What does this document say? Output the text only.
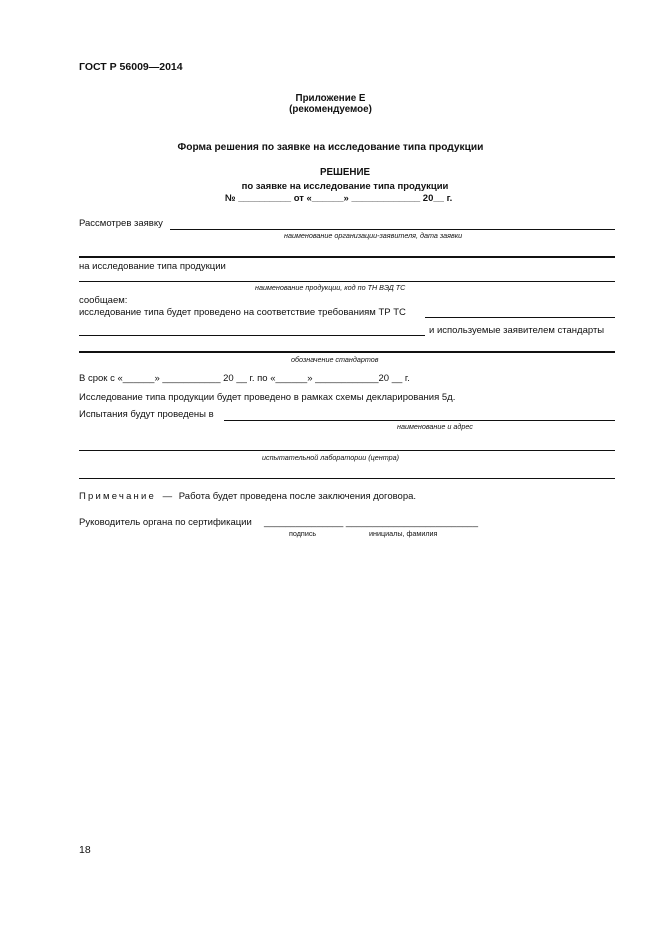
ГОСТ Р 56009—2014
Приложение Е
(рекомендуемое)
Форма решения по заявке на исследование типа продукции
РЕШЕНИЕ
по заявке на исследование типа продукции
№ __________ от «______» _____________ 20__ г.
Рассмотрев заявку
наименование организации-заявителя, дата заявки
на исследование типа продукции
наименование продукции, код по ТН ВЭД ТС
сообщаем:
исследование типа будет проведено на соответствие требованиям ТР ТС
и используемые заявителем стандарты
обозначение стандартов
В срок с «______» ___________ 20 __ г. по «______» ____________20 __ г.
Исследование типа продукции будет проведено в рамках схемы декларирования 5д.
Испытания будут проведены в
наименование и адрес
испытательной лаборатории (центра)
Примечание — Работа будет проведена после заключения договора.
Руководитель органа по сертификации _______________ _________________________
подпись	инициалы, фамилия
18
